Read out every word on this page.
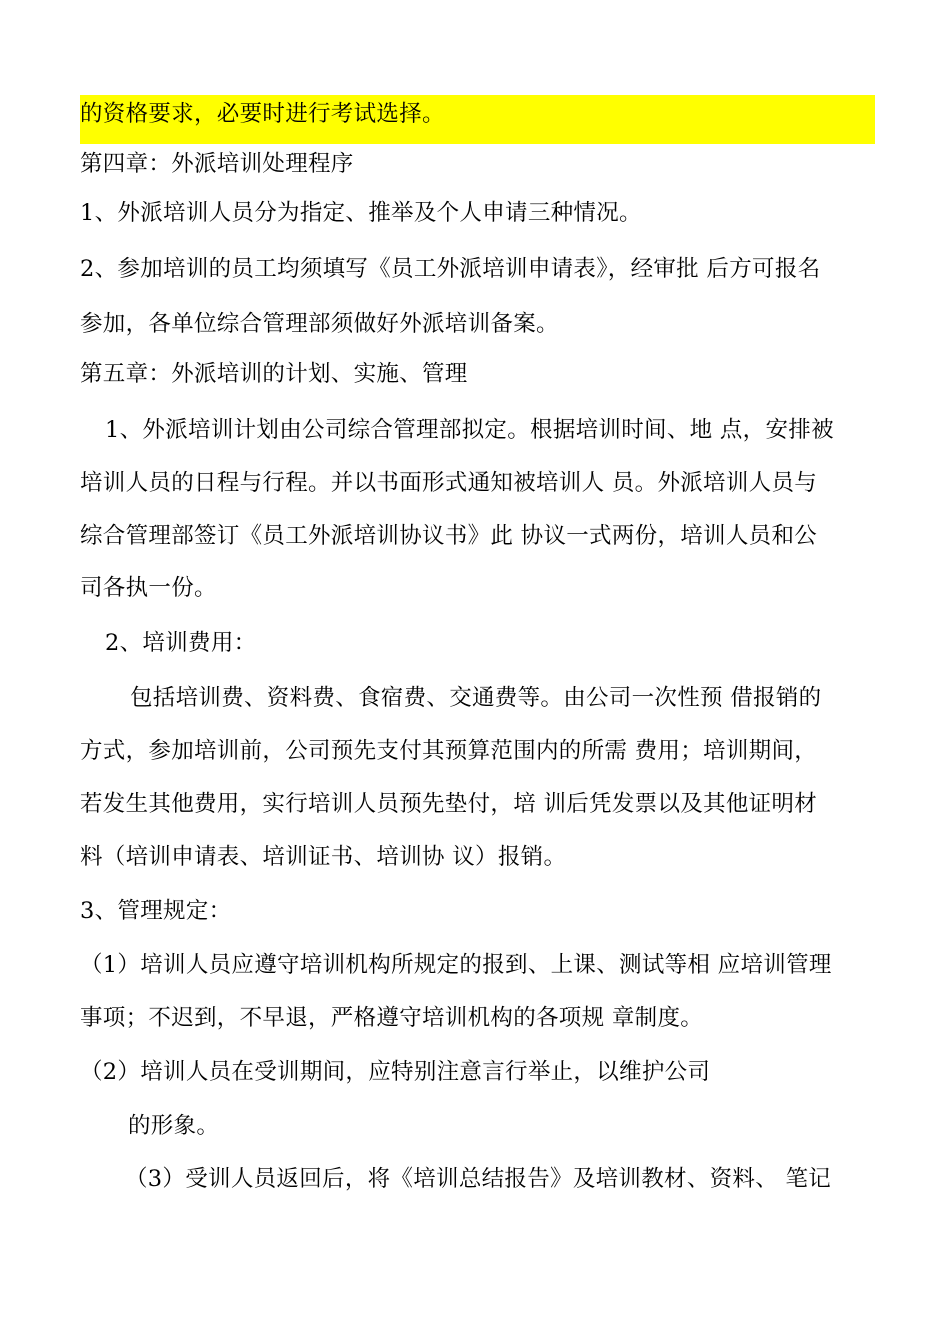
的资格要求，必要时进行考试选择。
第四章：外派培训处理程序
1、外派培训人员分为指定、推举及个人申请三种情况。
2、参加培训的员工均须填写《员工外派培训申请表》，经审批 后方可报名
参加，各单位综合管理部须做好外派培训备案。
第五章：外派培训的计划、实施、管理
1、外派培训计划由公司综合管理部拟定。根据培训时间、地 点，安排被
培训人员的日程与行程。并以书面形式通知被培训人 员。外派培训人员与
综合管理部签订《员工外派培训协议书》此 协议一式两份，培训人员和公
司各执一份。
2、培训费用：
包括培训费、资料费、食宿费、交通费等。由公司一次性预 借报销的
方式，参加培训前，公司预先支付其预算范围内的所需 费用；培训期间，
若发生其他费用，实行培训人员预先垫付，培 训后凭发票以及其他证明材
料（培训申请表、培训证书、培训协 议）报销。
3、管理规定：
（1）培训人员应遵守培训机构所规定的报到、上课、测试等相 应培训管理
事项；不迟到，不早退，严格遵守培训机构的各项规 章制度。
（2）培训人员在受训期间，应特别注意言行举止，以维护公司
的形象。
（3）受训人员返回后，将《培训总结报告》及培训教材、资料、 笔记
